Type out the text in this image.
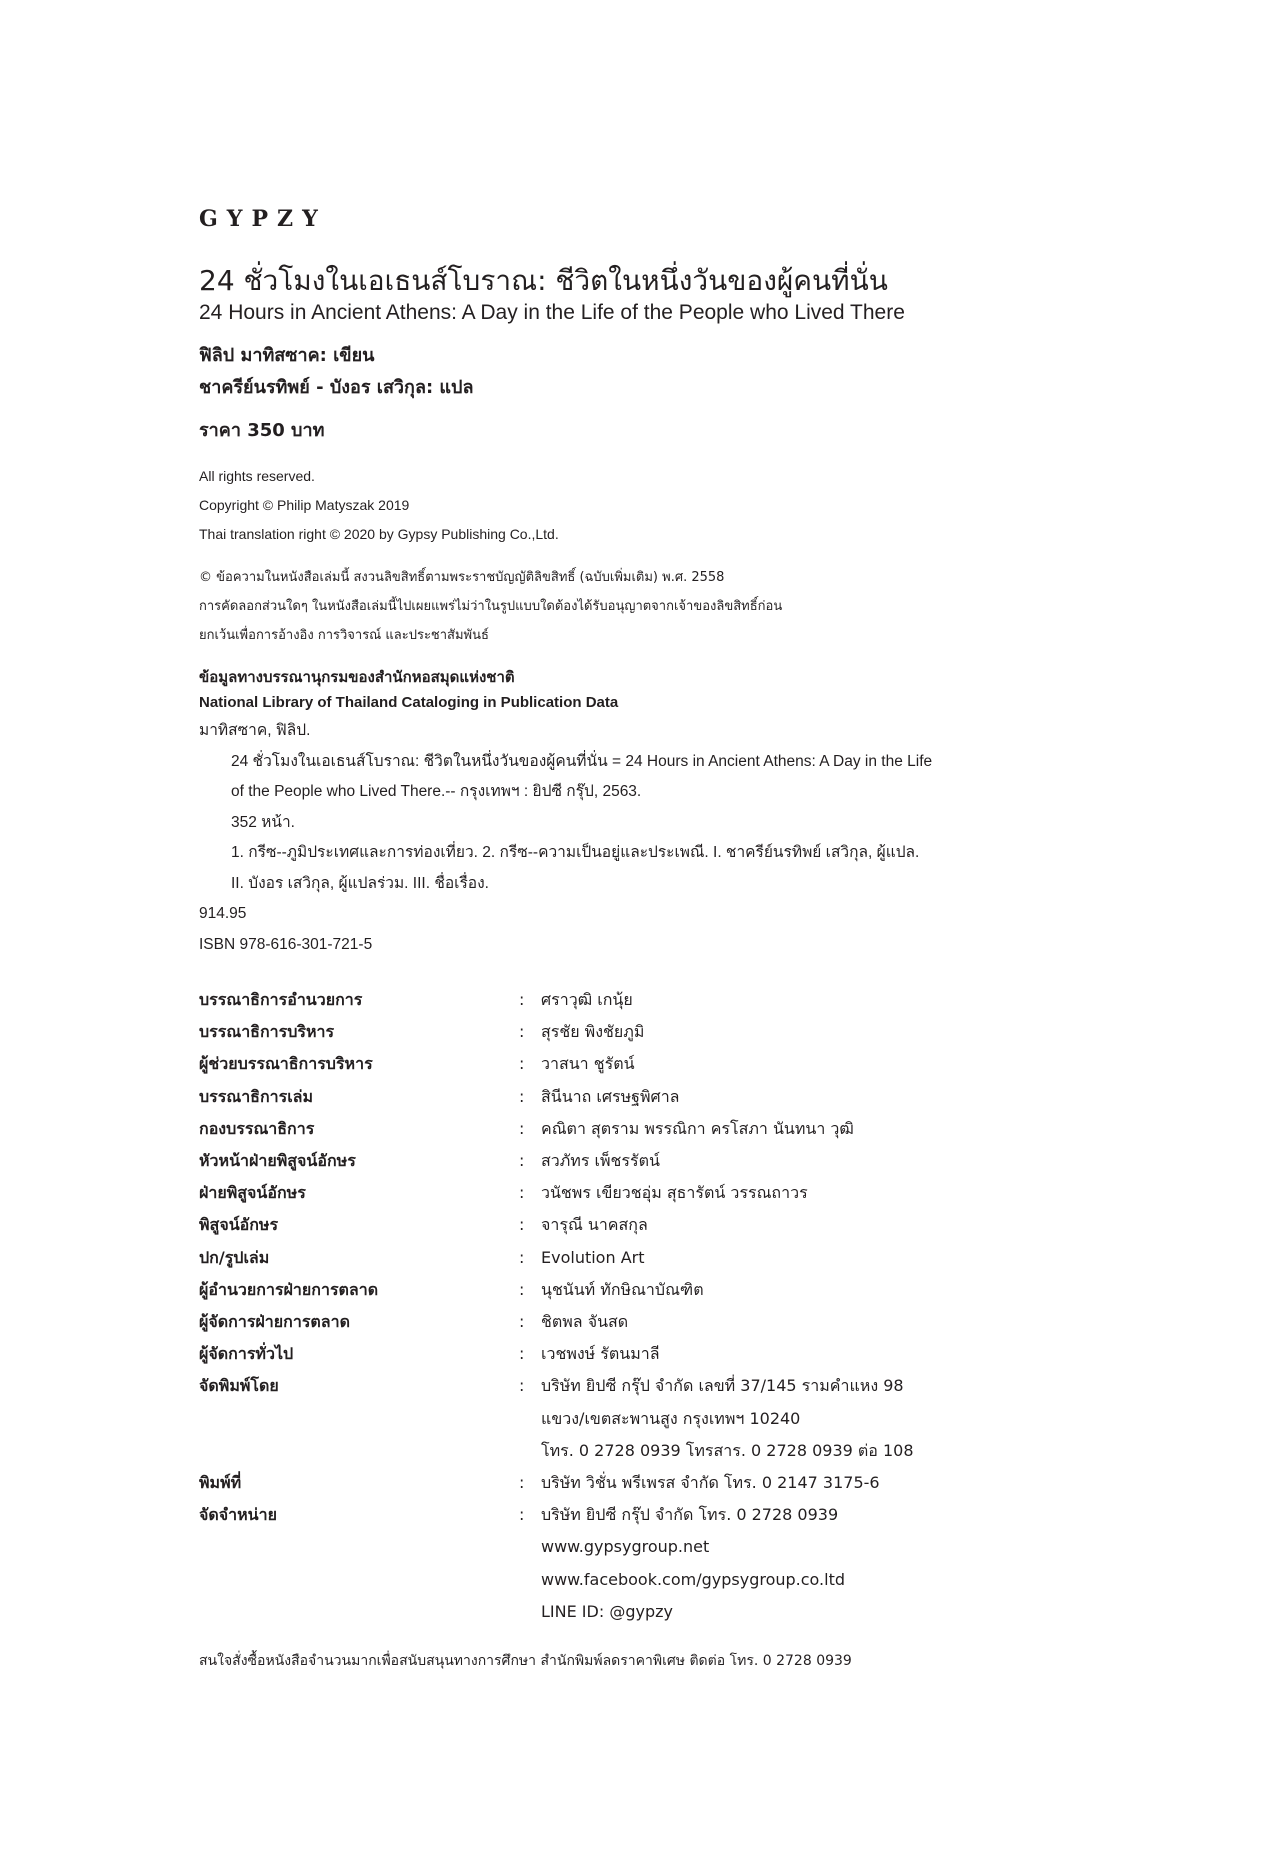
GYPZY
24 ชั่วโมงในเอเธนส์โบราณ: ชีวิตในหนึ่งวันของผู้คนที่นั่น
24 Hours in Ancient Athens: A Day in the Life of the People who Lived There
ฟิลิป มาทิสซาค: เขียน
ชาครีย์นรทิพย์ - บังอร เสวิกุล: แปล
ราคา 350 บาท
All rights reserved.
Copyright © Philip Matyszak 2019
Thai translation right © 2020 by Gypsy Publishing Co.,Ltd.
© ข้อความในหนังสือเล่มนี้ สงวนลิขสิทธิ์ตามพระราชบัญญัติลิขสิทธิ์ (ฉบับเพิ่มเติม) พ.ศ. 2558
การคัดลอกส่วนใดๆ ในหนังสือเล่มนี้ไปเผยแพร่ไม่ว่าในรูปแบบใดต้องได้รับอนุญาตจากเจ้าของลิขสิทธิ์ก่อน
ยกเว้นเพื่อการอ้างอิง การวิจารณ์ และประชาสัมพันธ์
ข้อมูลทางบรรณานุกรมของสำนักหอสมุดแห่งชาติ
National Library of Thailand Cataloging in Publication Data
มาทิสซาค, ฟิลิป.
24 ชั่วโมงในเอเธนส์โบราณ: ชีวิตในหนึ่งวันของผู้คนที่นั่น = 24 Hours in Ancient Athens: A Day in the Life
of the People who Lived There.-- กรุงเทพฯ : ยิปซี กรุ๊ป, 2563.
352 หน้า.
1. กรีซ--ภูมิประเทศและการท่องเที่ยว. 2. กรีซ--ความเป็นอยู่และประเพณี. I. ชาครีย์นรทิพย์ เสวิกุล, ผู้แปล.
II. บังอร เสวิกุล, ผู้แปลร่วม. III. ชื่อเรื่อง.
914.95
ISBN 978-616-301-721-5
บรรณาธิการอำนวยการ	:	ศราวุฒิ เกนุ้ย
บรรณาธิการบริหาร	:	สุรชัย พิงชัยภูมิ
ผู้ช่วยบรรณาธิการบริหาร	:	วาสนา ชูรัตน์
บรรณาธิการเล่ม	:	สินีนาถ เศรษฐพิศาล
กองบรรณาธิการ	:	คณิตา สุตราม พรรณิกา ครโสภา นันทนา วุฒิ
หัวหน้าฝ่ายพิสูจน์อักษร	:	สวภัทร เพ็ชรรัตน์
ฝ่ายพิสูจน์อักษร	:	วนัชพร เขียวชอุ่ม สุธารัตน์ วรรณถาวร
พิสูจน์อักษร	:	จารุณี นาคสกุล
ปก/รูปเล่ม	:	Evolution Art
ผู้อำนวยการฝ่ายการตลาด	:	นุชนันท์ ทักษิณาบัณฑิต
ผู้จัดการฝ่ายการตลาด	:	ชิตพล จันสด
ผู้จัดการทั่วไป	:	เวชพงษ์ รัตนมาลี
จัดพิมพ์โดย	:	บริษัท ยิปซี กรุ๊ป จำกัด เลขที่ 37/145 รามคำแหง 98
แขวง/เขตสะพานสูง กรุงเทพฯ 10240
โทร. 0 2728 0939 โทรสาร. 0 2728 0939 ต่อ 108
พิมพ์ที่	:	บริษัท วิชั่น พรีเพรส จำกัด โทร. 0 2147 3175-6
จัดจำหน่าย	:	บริษัท ยิปซี กรุ๊ป จำกัด โทร. 0 2728 0939
www.gypsygroup.net
www.facebook.com/gypsygroup.co.ltd
LINE ID: @gypzy
สนใจสั่งซื้อหนังสือจำนวนมากเพื่อสนับสนุนทางการศึกษา สำนักพิมพ์ลดราคาพิเศษ ติดต่อ โทร. 0 2728 0939
